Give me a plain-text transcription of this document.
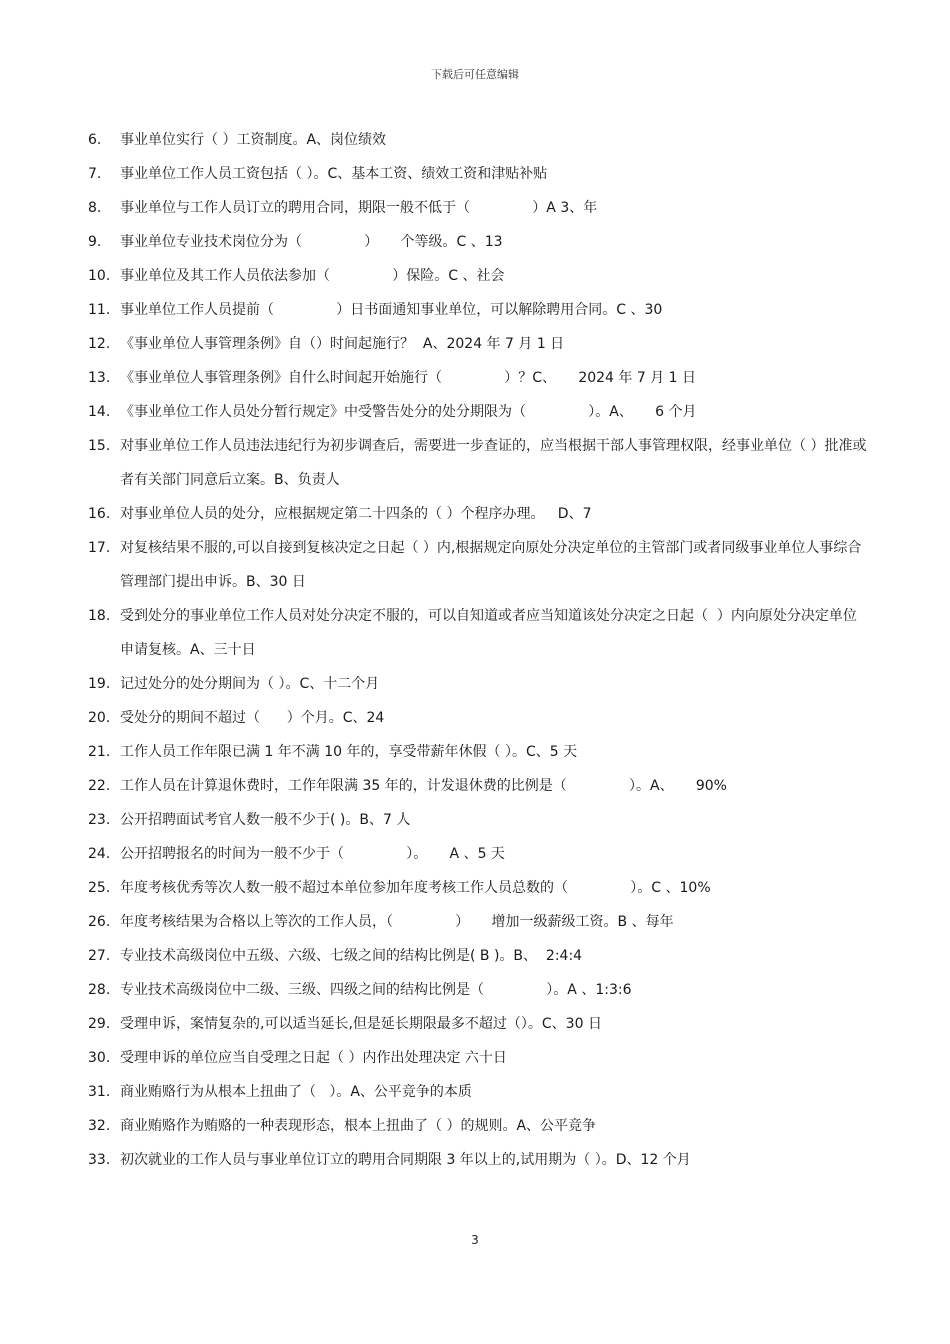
下载后可任意编辑
6.	事业单位实行（ ）工资制度。A、岗位绩效
7.	事业单位工作人员工资包括（ ）。C、基本工资、绩效工资和津贴补贴
8.	事业单位与工作人员订立的聘用合同，期限一般不低于（              ）A 3、年
9.	事业单位专业技术岗位分为（              ）     个等级。C 、13
10. 事业单位及其工作人员依法参加（              ）保险。C 、社会
11. 事业单位工作人员提前（              ）日书面通知事业单位，可以解除聘用合同。C 、30
12. 《事业单位人事管理条例》自（）时间起施行？  A、2024 年 7 月 1 日
13. 《事业单位人事管理条例》自什么时间起开始施行（              ）？C、     2024 年 7 月 1 日
14. 《事业单位工作人员处分暂行规定》中受警告处分的处分期限为（              ）。A、     6 个月
15. 对事业单位工作人员违法违纪行为初步调查后，需要进一步查证的，应当根据干部人事管理权限，经事业单位（ ）批准或者有关部门同意后立案。B、负责人
16. 对事业单位人员的处分，应根据规定第二十四条的（ ）个程序办理。   D、7
17. 对复核结果不服的,可以自接到复核决定之日起（ ）内,根据规定向原处分决定单位的主管部门或者同级事业单位人事综合管理部门提出申诉。B、30 日
18. 受到处分的事业单位工作人员对处分决定不服的，可以自知道或者应当知道该处分决定之日起（  ）内向原处分决定单位申请复核。A、三十日
19. 记过处分的处分期间为（ ）。C、十二个月
20. 受处分的期间不超过（      ）个月。C、24
21. 工作人员工作年限已满 1 年不满 10 年的，享受带薪年休假（ ）。C、5 天
22. 工作人员在计算退休费时，工作年限满 35 年的，计发退休费的比例是（              ）。A、     90%
23. 公开招聘面试考官人数一般不少于( )。B、7 人
24. 公开招聘报名的时间为一般不少于（              ）。     A 、5 天
25. 年度考核优秀等次人数一般不超过本单位参加年度考核工作人员总数的（              ）。C 、10%
26. 年度考核结果为合格以上等次的工作人员，（              ）     增加一级薪级工资。B 、每年
27. 专业技术高级岗位中五级、六级、七级之间的结构比例是( B )。B、  2:4:4
28. 专业技术高级岗位中二级、三级、四级之间的结构比例是（              ）。A 、1:3:6
29. 受理申诉，案情复杂的,可以适当延长,但是延长期限最多不超过（）。C、30 日
30. 受理申诉的单位应当自受理之日起（ ）内作出处理决定 六十日
31. 商业贿赂行为从根本上扭曲了（   ）。A、公平竞争的本质
32. 商业贿赂作为贿赂的一种表现形态，根本上扭曲了（ ）的规则。A、公平竞争
33. 初次就业的工作人员与事业单位订立的聘用合同期限 3 年以上的,试用期为（ ）。D、12 个月
3
